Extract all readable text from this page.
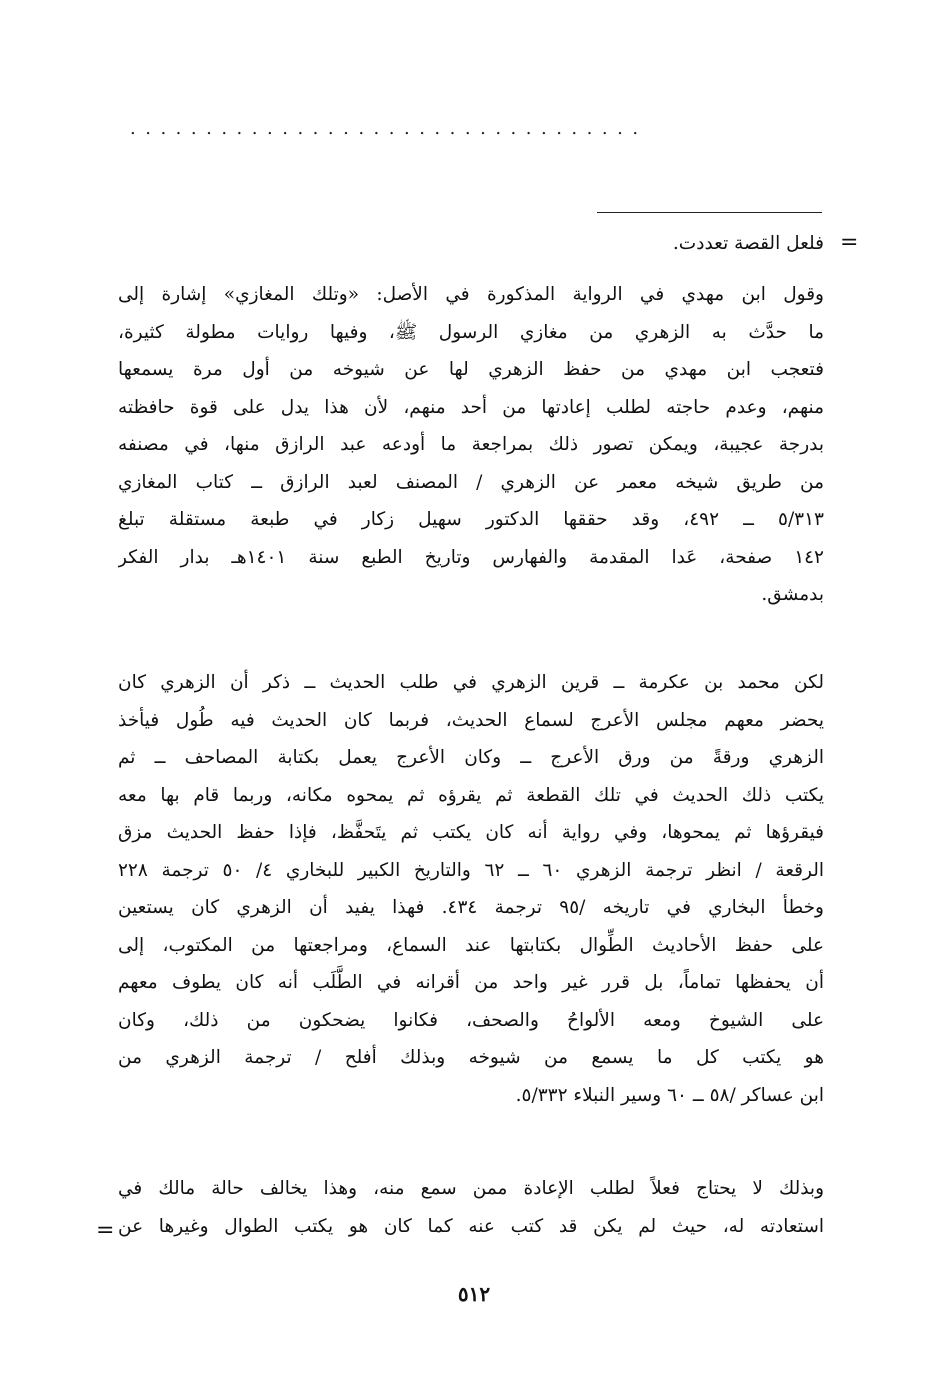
..................................
=
=
فلعل القصة تعددت.
وقول ابن مهدي في الرواية المذكورة في الأصل: «وتلك المغازي» إشارة إلى
ما حدَّث به الزهري من مغازي الرسول ﷺ، وفيها روايات مطولة كثيرة،
فتعجب ابن مهدي من حفظ الزهري لها عن شيوخه من أول مرة يسمعها
منهم، وعدم حاجته لطلب إعادتها من أحد منهم، لأن هذا يدل على قوة حافظته
بدرجة عجيبة، ويمكن تصور ذلك بمراجعة ما أودعه عبد الرازق منها، في مصنفه
من طريق شيخه معمر عن الزهري / المصنف لعبد الرازق ــ كتاب المغازي
٥/٣١٣ ــ ٤٩٢، وقد حققها الدكتور سهيل زكار في طبعة مستقلة تبلغ
١٤٢ صفحة، عَدا المقدمة والفهارس وتاريخ الطبع سنة ١٤٠١هـ بدار الفكر
بدمشق.
لكن محمد بن عكرمة ــ قرين الزهري في طلب الحديث ــ ذكر أن الزهري كان
يحضر معهم مجلس الأعرج لسماع الحديث، فربما كان الحديث فيه طُول فيأخذ
الزهري ورقةً من ورق الأعرج ــ وكان الأعرج يعمل بكتابة المصاحف ــ ثم
يكتب ذلك الحديث في تلك القطعة ثم يقرؤه ثم يمحوه مكانه، وربما قام بها معه
فيقرؤها ثم يمحوها، وفي رواية أنه كان يكتب ثم يتَحفَّظ، فإذا حفظ الحديث مزق
الرقعة / انظر ترجمة الزهري ٦٠ ــ ٦٢ والتاريخ الكبير للبخاري ٤/ ٥٠ ترجمة ٢٢٨
وخطأ البخاري في تاريخه /٩٥ ترجمة ٤٣٤. فهذا يفيد أن الزهري كان يستعين
على حفظ الأحاديث الطِّوال بكتابتها عند السماع، ومراجعتها من المكتوب، إلى
أن يحفظها تماماً، بل قرر غير واحد من أقرانه في الطَّلَب أنه كان يطوف معهم
على الشيوخ ومعه الألواحُ والصحف، فكانوا يضحكون من ذلك، وكان
هو يكتب كل ما يسمع من شيوخه وبذلك أفلح / ترجمة الزهري من
ابن عساكر /٥٨ ــ ٦٠ وسير النبلاء ٥/٣٣٢.
وبذلك لا يحتاج فعلاً لطلب الإعادة ممن سمع منه، وهذا يخالف حالة مالك في
استعادته له، حيث لم يكن قد كتب عنه كما كان هو يكتب الطوال وغيرها عن
٥١٢
